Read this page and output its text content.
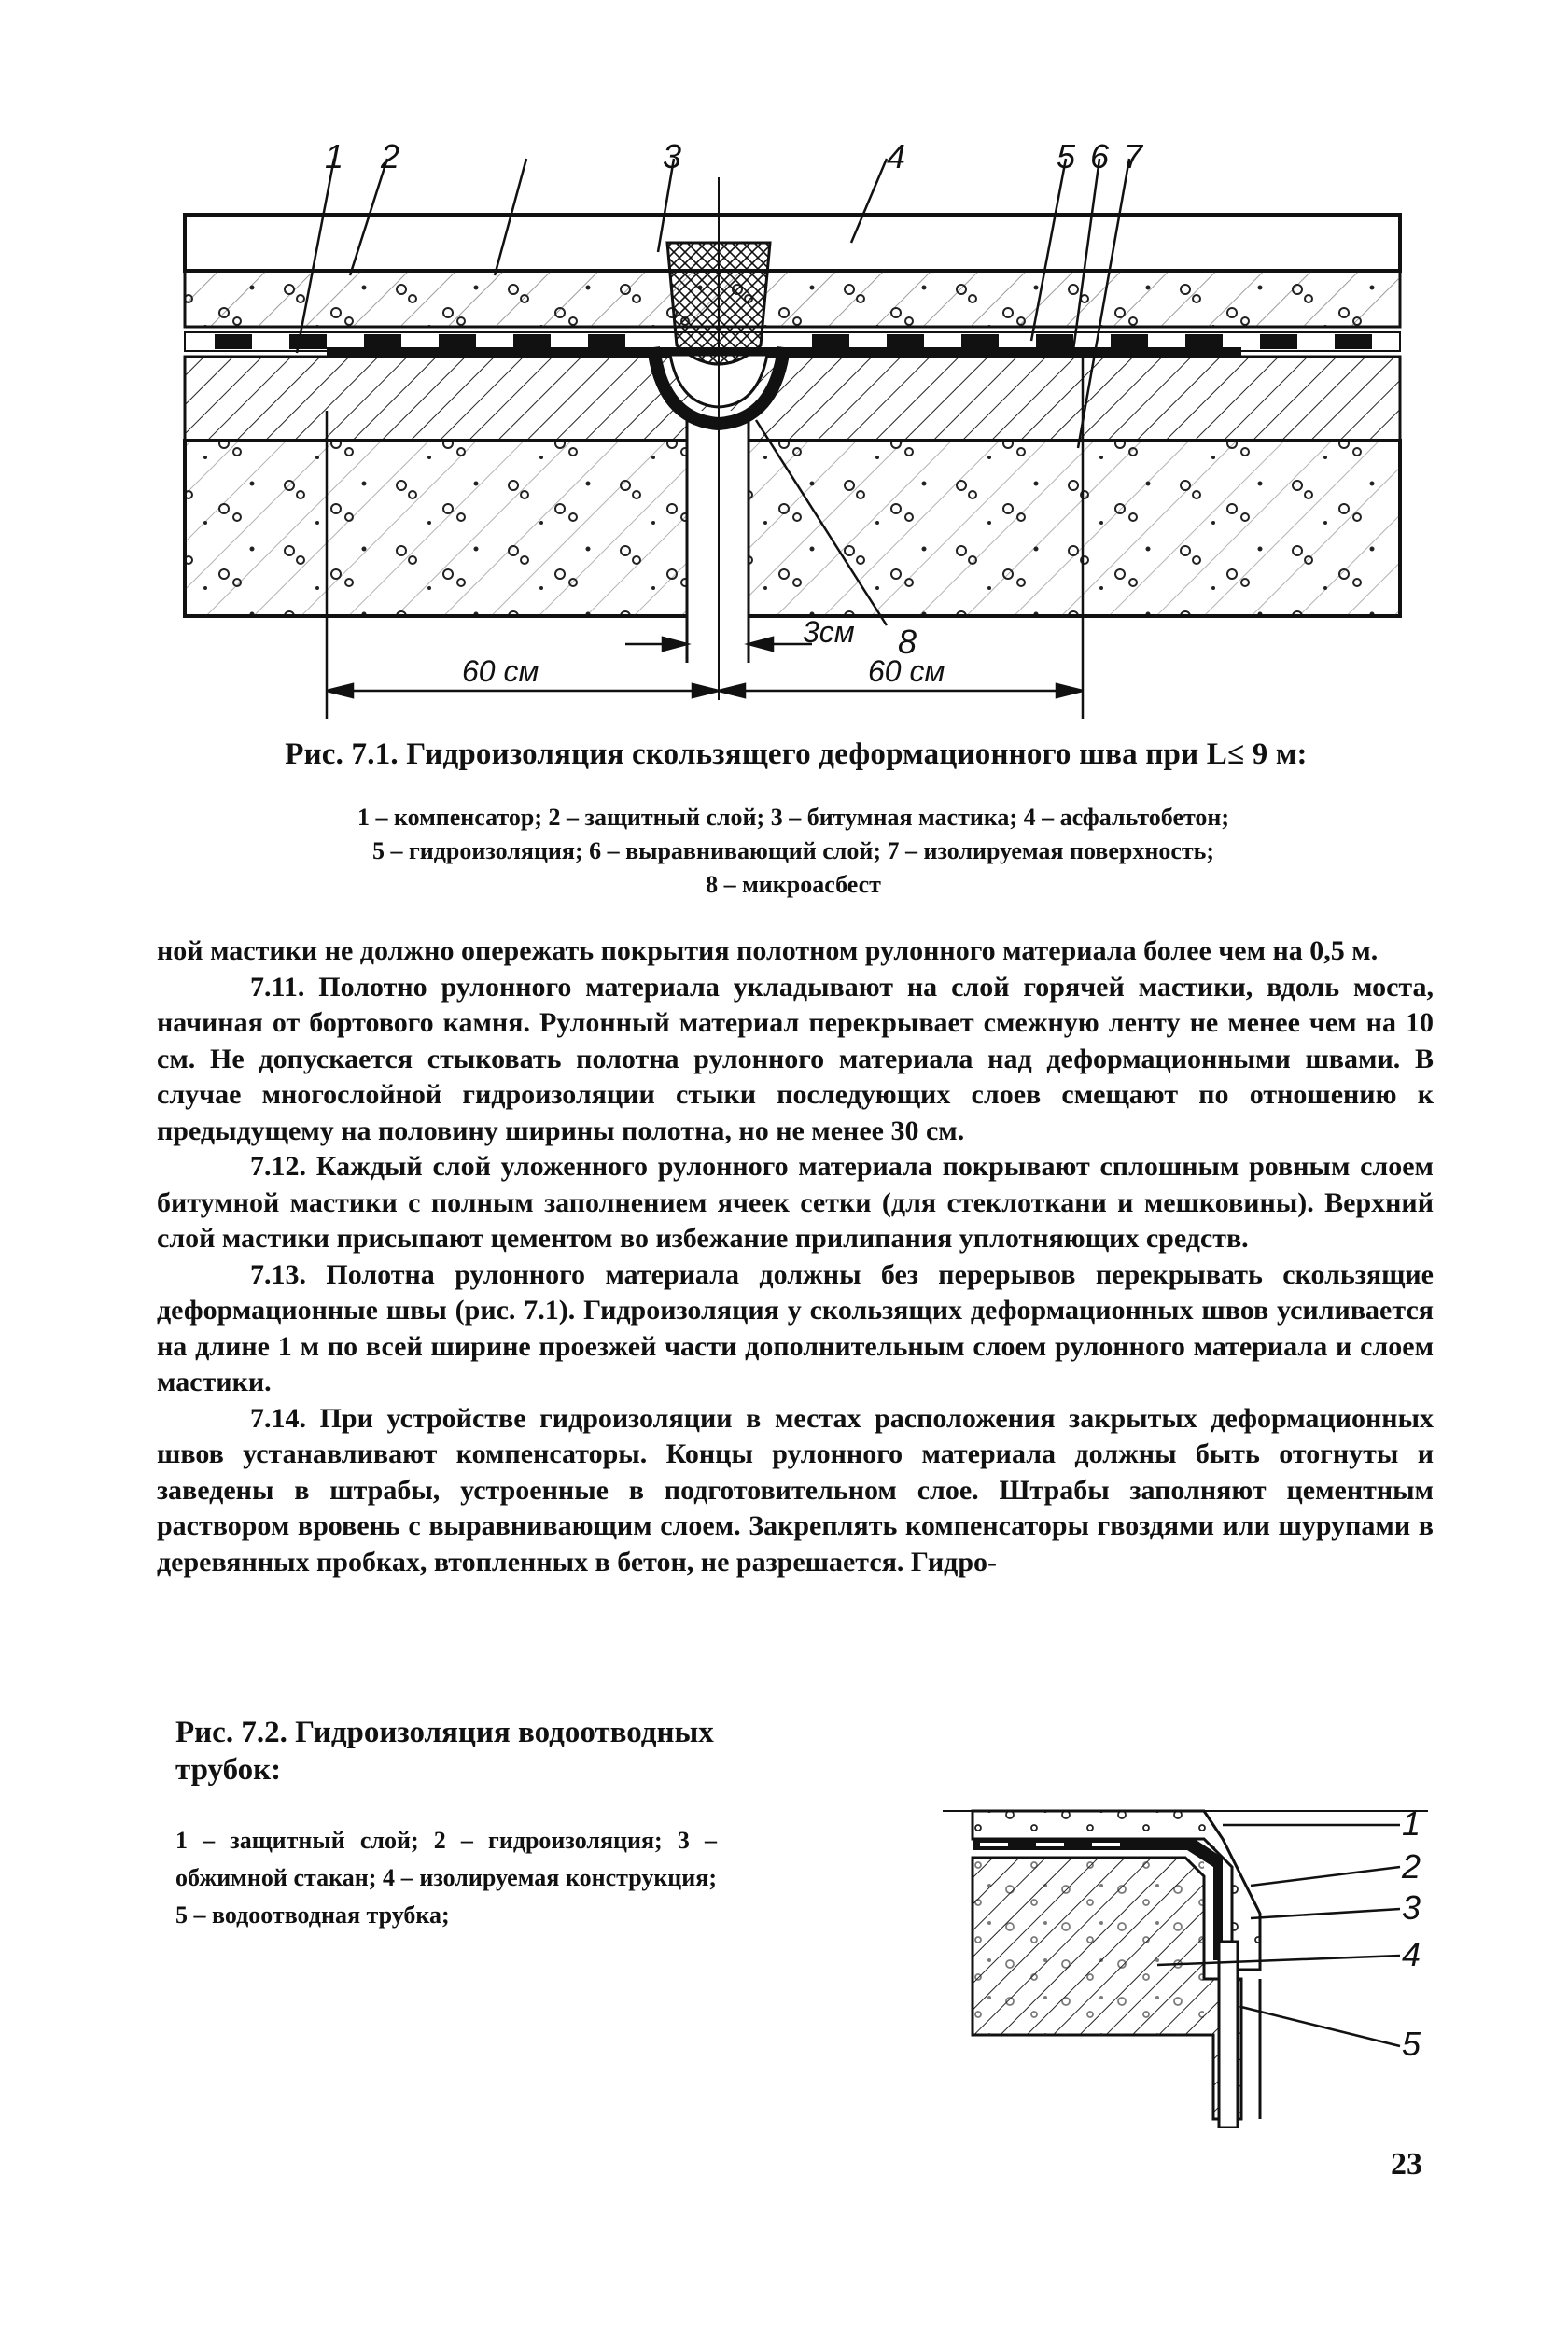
1 2	3	4	5 6 7
8
3см
60 см	60 см
Рис. 7.1. Гидроизоляция скользящего деформационного шва при L≤ 9 м:
1 – компенсатор; 2 – защитный слой; 3 – битумная мастика; 4 – асфальтобетон;
5 – гидроизоляция; 6 – выравнивающий слой; 7 – изолируемая поверхность;
8 – микроасбест

ной мастики не должно опережать покрытия полотном рулонного материала более чем на 0,5 м.

7.11. Полотно рулонного материала укладывают на слой горячей мастики, вдоль моста, начиная от бортового камня. Рулонный материал перекрывает смежную ленту не менее чем на 10 см. Не допускается стыковать полотна рулонного материала над деформационными швами. В случае многослойной гидроизоляции стыки последующих слоев смещают по отношению к предыдущему на половину ширины полотна, но не менее 30 см.

7.12. Каждый слой уложенного рулонного материала покрывают сплошным ровным слоем битумной мастики с полным заполнением ячеек сетки (для стеклоткани и мешковины). Верхний слой мастики присыпают цементом во избежание прилипания уплотняющих средств.

7.13. Полотна рулонного материала должны без перерывов перекрывать скользящие деформационные швы (рис. 7.1). Гидроизоляция у скользящих деформационных швов усиливается на длине 1 м по всей ширине проезжей части дополнительным слоем рулонного материала и слоем мастики.

7.14. При устройстве гидроизоляции в местах расположения закрытых деформационных швов устанавливают компенсаторы. Концы рулонного материала должны быть отогнуты и заведены в штрабы, устроенные в подготовительном слое. Штрабы заполняют цементным раствором вровень с выравнивающим слоем. Закреплять компенсаторы гвоздями или шурупами в деревянных пробках, втопленных в бетон, не разрешается. Гидро-

Рис. 7.2. Гидроизоляция водоотводных трубок:
1 – защитный слой; 2 – гидроизоляция; 3 – обжимной стакан; 4 – изолируемая конструкция; 5 – водоотводная трубка;
1
2
3
4
5
23
